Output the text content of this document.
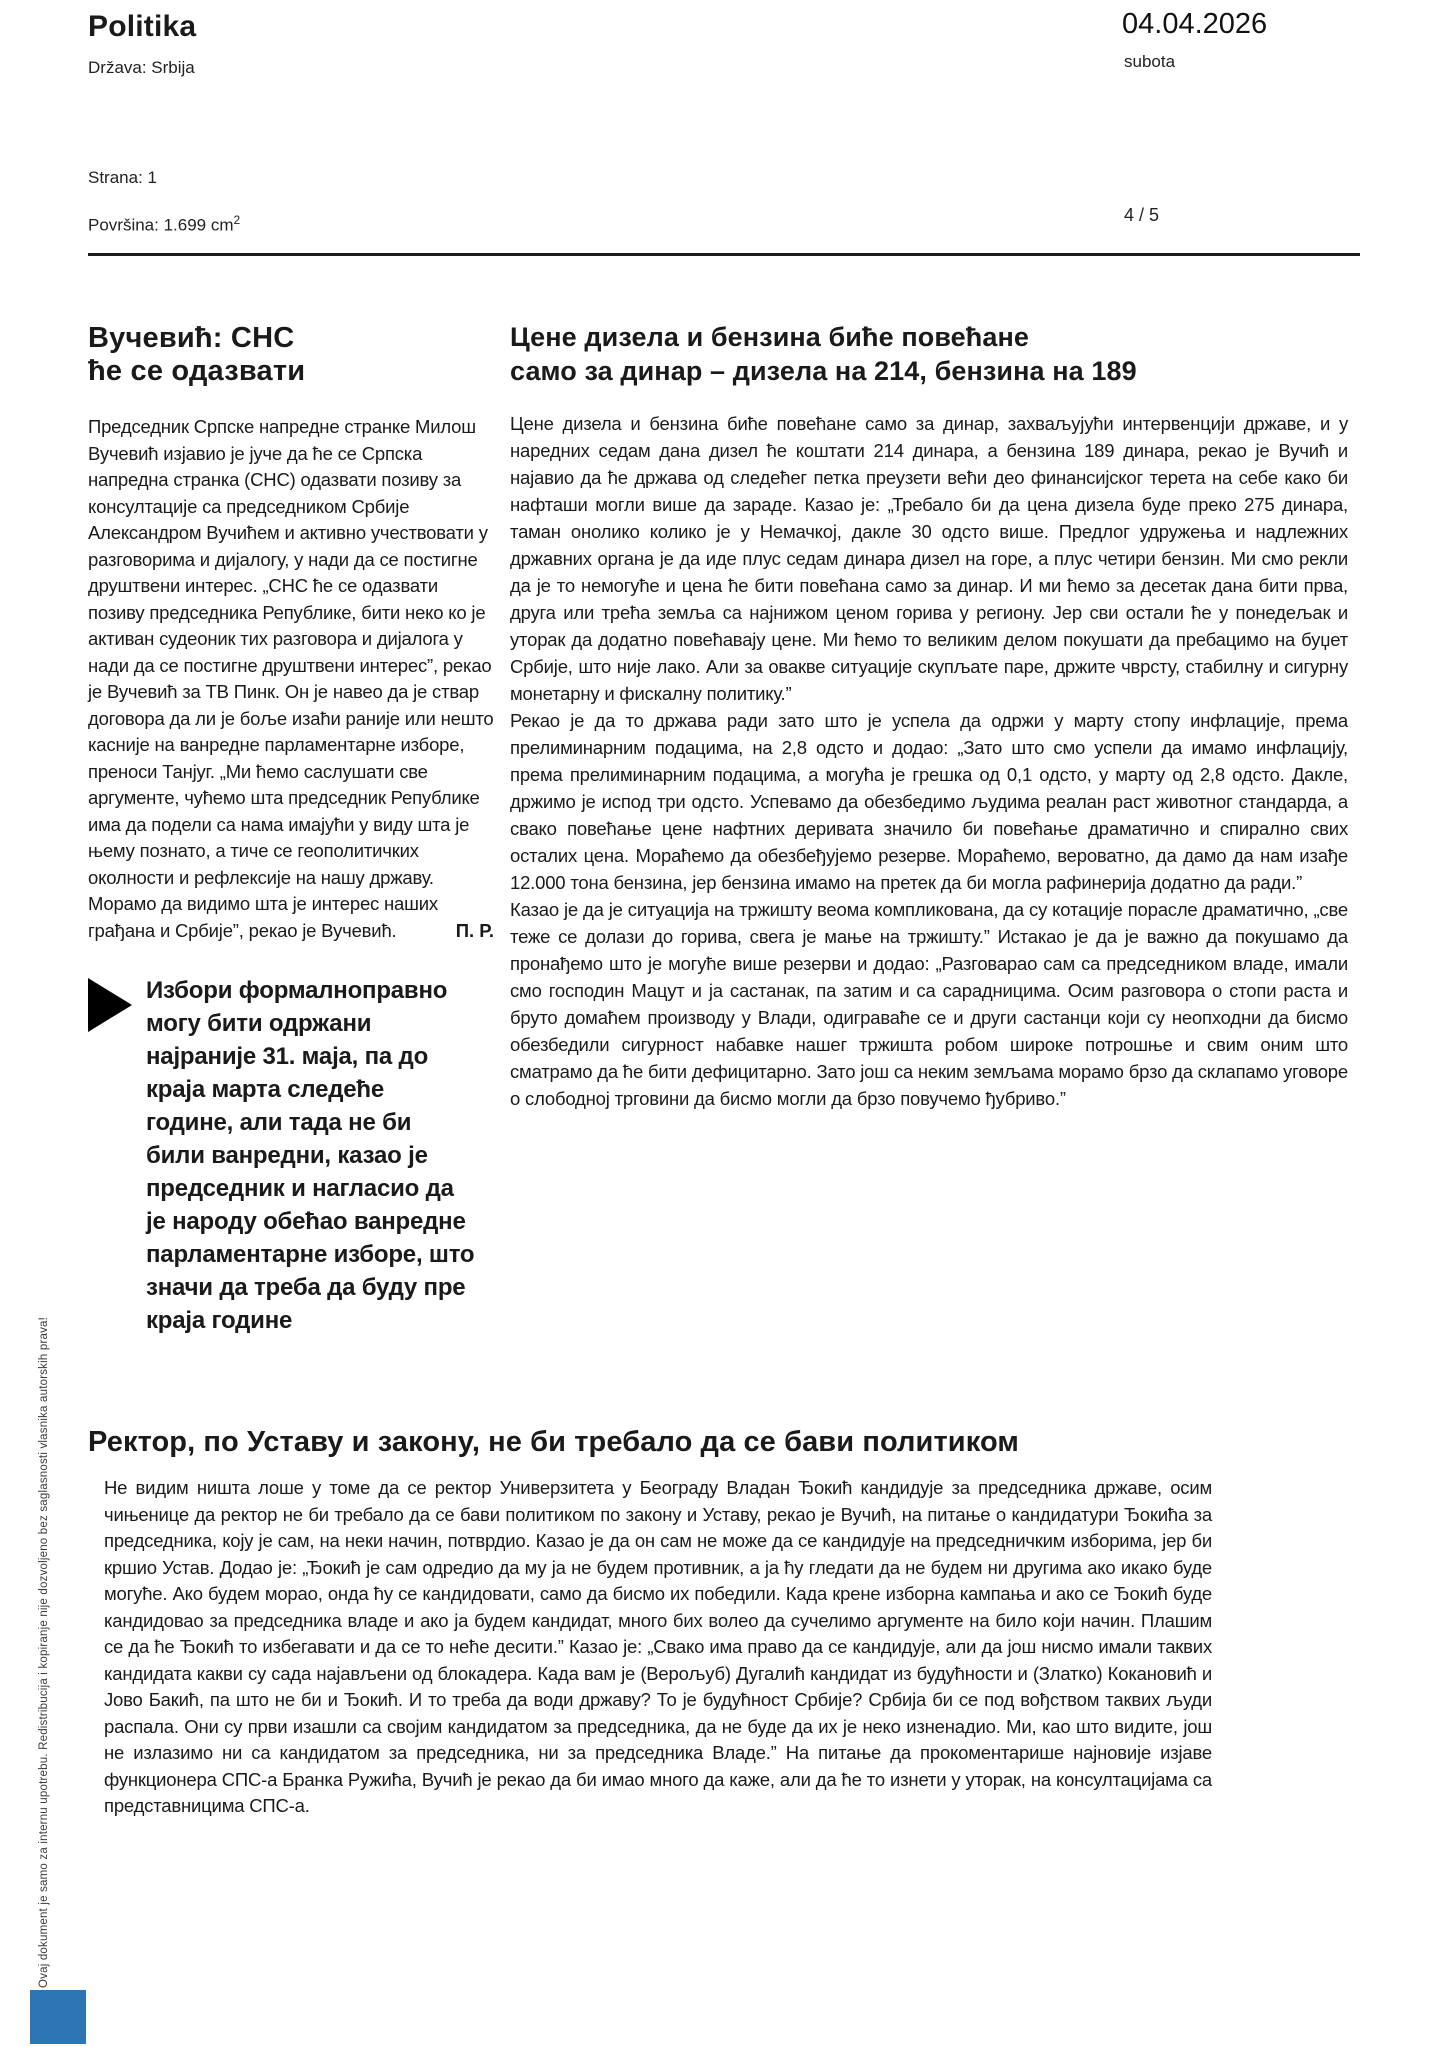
Politika
Država: Srbija
04.04.2026
subota
Strana: 1
Površina: 1.699 $cm^2$	4 / 5
Вучевић: СНС
ће се одазвати
Председник Српске напредне странке Милош Вучевић изјавио је јуче да ће се Српска напредна странка (СНС) одазвати позиву за консултације са председником Србије Александром Вучићем и активно учествовати у разговорима и дијалогу, у нади да се постигне друштвени интерес. „СНС ће се одазвати позиву председника Републике, бити неко ко је активан судеоник тих разговора и дијалога у нади да се постигне друштвени интерес”, рекао је Вучевић за ТВ Пинк. Он је навео да је ствар договора да ли је боље изаћи раније или нешто касније на ванредне парламентарне изборе, преноси Танјуг. „Ми ћемо саслушати све аргументе, чућемо шта председник Републике има да подели са нама имајући у виду шта је њему познато, а тиче се геополитичких околности и рефлексије на нашу државу. Морамо да видимо шта је интерес наших грађана и Србије”, рекао је Вучевић.	П. Р.
Избори формалноправно могу бити одржани најраније 31. маја, па до краја марта следеће године, али тада не би били ванредни, казао је председник и нагласио да је народу обећао ванредне парламентарне изборе, што значи да треба да буду пре краја године
Цене дизела и бензина биће повећане
само за динар – дизела на 214, бензина на 189

Цене дизела и бензина биће повећане само за динар, захваљујући интервенцији државе, и у наредних седам дана дизел ће коштати 214 динара, а бензина 189 динара, рекао је Вучић и најавио да ће држава од следећег петка преузети већи део финансијског терета на себе како би нафташи могли више да зараде. Казао је: „Требало би да цена дизела буде преко 275 динара, таман онолико колико је у Немачкој, дакле 30 одсто више. Предлог удружења и надлежних државних органа је да иде плус седам динара дизел на горе, а плус четири бензин. Ми смо рекли да је то немогуће и цена ће бити повећана само за динар. И ми ћемо за десетак дана бити прва, друга или трећа земља са најнижом ценом горива у региону. Јер сви остали ће у понедељак и уторак да додатно повећавају цене. Ми ћемо то великим делом покушати да пребацимо на буџет Србије, што није лако. Али за овакве ситуације скупљате паре, држите чврсту, стабилну и сигурну монетарну и фискалну политику.”

Рекао је да то држава ради зато што је успела да одржи у марту стопу инфлације, према прелиминарним подацима, на 2,8 одсто и додао: „Зато што смо успели да имамо инфлацију, према прелиминарним подацима, а могућа је грешка од 0,1 одсто, у марту од 2,8 одсто. Дакле, држимо је испод три одсто. Успевамо да обезбедимо људима реалан раст животног стандарда, а свако повећање цене нафтних деривата значило би повећање драматично и спирално свих осталих цена. Мораћемо да обезбеђујемо резерве. Мораћемо, вероватно, да дамо да нам изађе 12.000 тона бензина, јер бензина имамо на претек да би могла рафинерија додатно да ради.”

Казао је да је ситуација на тржишту веома компликована, да су котације порасле драматично, „све теже се долази до горива, свега је мање на тржишту.” Истакао је да је важно да покушамо да пронађемо што је могуће више резерви и додао: „Разговарао сам са председником владе, имали смо господин Мацут и ја састанак, па затим и са сарадницима. Осим разговора о стопи раста и бруто домаћем производу у Влади, одиграваће се и други састанци који су неопходни да бисмо обезбедили сигурност набавке нашег тржишта робом широке потрошње и свим оним што сматрамо да ће бити дефицитарно. Зато још са неким земљама морамо брзо да склапамо уговоре о слободној трговини да бисмо могли да брзо повучемо ђубриво.”

Ректор, по Уставу и закону, не би требало да се бави политиком
Не видим ништа лоше у томе да се ректор Универзитета у Београду Владан Ђокић кандидује за председника државе, осим чињенице да ректор не би требало да се бави политиком по закону и Уставу, рекао је Вучић, на питање о кандидатури Ђокића за председника, коју је сам, на неки начин, потврдио. Казао је да он сам не може да се кандидује на председничким изборима, јер би кршио Устав. Додао је: „Ђокић је сам одредио да му ја не будем противник, а ја ћу гледати да не будем ни другима ако икако буде могуће. Ако будем морао, онда ћу се кандидовати, само да бисмо их победили. Када крене изборна кампања и ако се Ђокић буде кандидовао за председника владе и ако ја будем кандидат, много бих волео да сучелимо аргументе на било који начин. Плашим се да ће Ђокић то избегавати и да се то неће десити.” Казао је: „Свако има право да се кандидује, али да још нисмо имали таквих кандидата какви су сада најављени од блокадера. Када вам је (Верољуб) Дугалић кандидат из будућности и (Златко) Кокановић и Јово Бакић, па што не би и Ђокић. И то треба да води државу? То је будућност Србије? Србија би се под вођством таквих људи распала. Они су први изашли са својим кандидатом за председника, да не буде да их је неко изненадио. Ми, као што видите, још не излазимо ни са кандидатом за председника, ни за председника Владе.” На питање да прокоментарише најновије изјаве функционера СПС-а Бранка Ружића, Вучић је рекао да би имао много да каже, али да ће то изнети у уторак, на консултацијама са представницима СПС-а.
Ovaj dokument je samo za internu upotrebu. Redistribucija i kopiranje nije dozvoljeno bez saglasnosti vlasnika autorskih prava!
